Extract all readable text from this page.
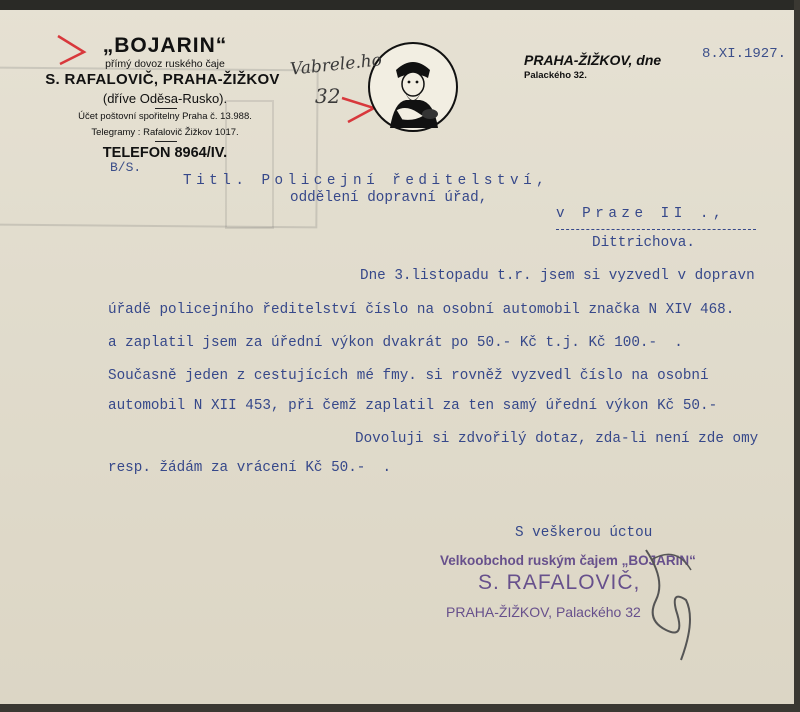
„BOJARIN“
přímý dovoz ruského čaje
S. RAFALOVIČ, PRAHA-ŽIŽKOV
(dříve Oděsa-Rusko).
Účet poštovní spořitelny Praha č. 13.988.
Telegramy : Rafalovič Žižkov 1017.
TELEFON 8964/IV.
B/S.
Vabrele.ho
32
PRAHA-ŽIŽKOV, dne	8.XI.1927.
Palackého 32.
Titl. Policejní ředitelství,
oddělení dopravní úřad,
v Praze II .,
Dittrichova.
Dne 3.listopadu t.r. jsem si vyzvedl v dopravn
úřadě policejního ředitelství číslo na osobní automobil značka N XIV 468.
a zaplatil jsem za úřední výkon dvakrát po 50.- Kč t.j. Kč 100.-  .
Současně jeden z cestujících mé fmy. si rovněž vyzvedl číslo na osobní
automobil N XII 453, při čemž zaplatil za ten samý úřední výkon Kč 50.-
Dovoluji si zdvořilý dotaz, zda-li není zde omy
resp. žádám za vrácení Kč 50.-  .
S veškerou úctou
Velkoobchod ruským čajem „BOJARIN“
S. RAFALOVIČ,
PRAHA-ŽIŽKOV, Palackého 32
